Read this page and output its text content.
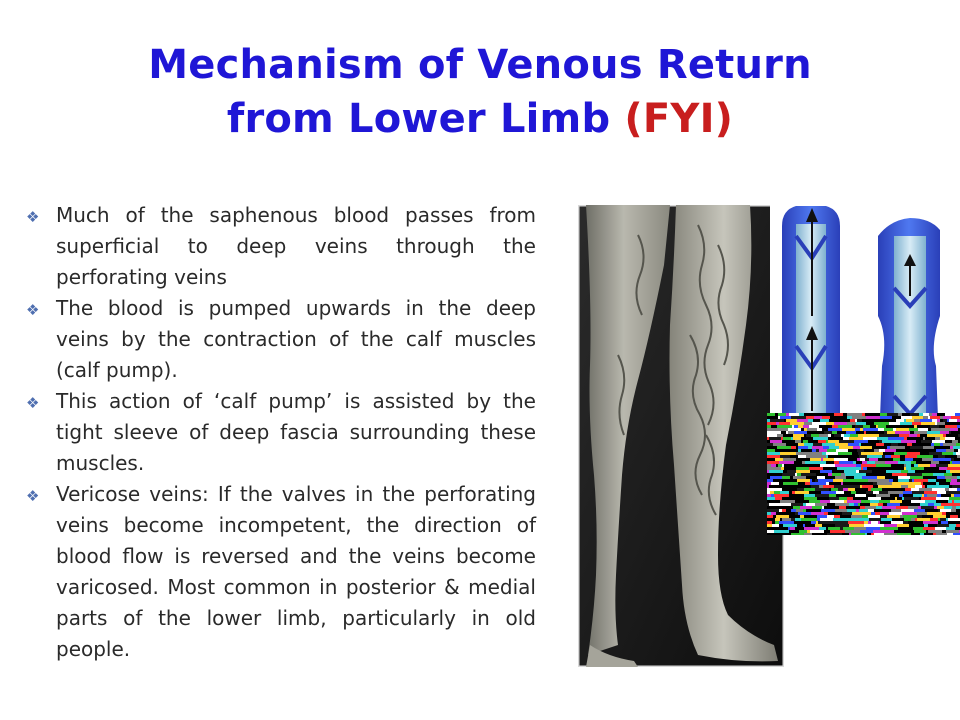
Mechanism of Venous Return
from Lower Limb (FYI)
❖ Much of the saphenous blood passes from superficial to deep veins through the perforating veins
❖ The blood is pumped upwards in the deep veins by the contraction of the calf muscles (calf pump).
❖ This action of ‘calf pump’ is assisted by the tight sleeve of deep fascia surrounding these muscles.
❖ Vericose veins: If the valves in the perforating veins become incompetent, the direction of blood flow is reversed and the veins become varicosed. Most common in posterior & medial parts of the lower limb, particularly in old people.
